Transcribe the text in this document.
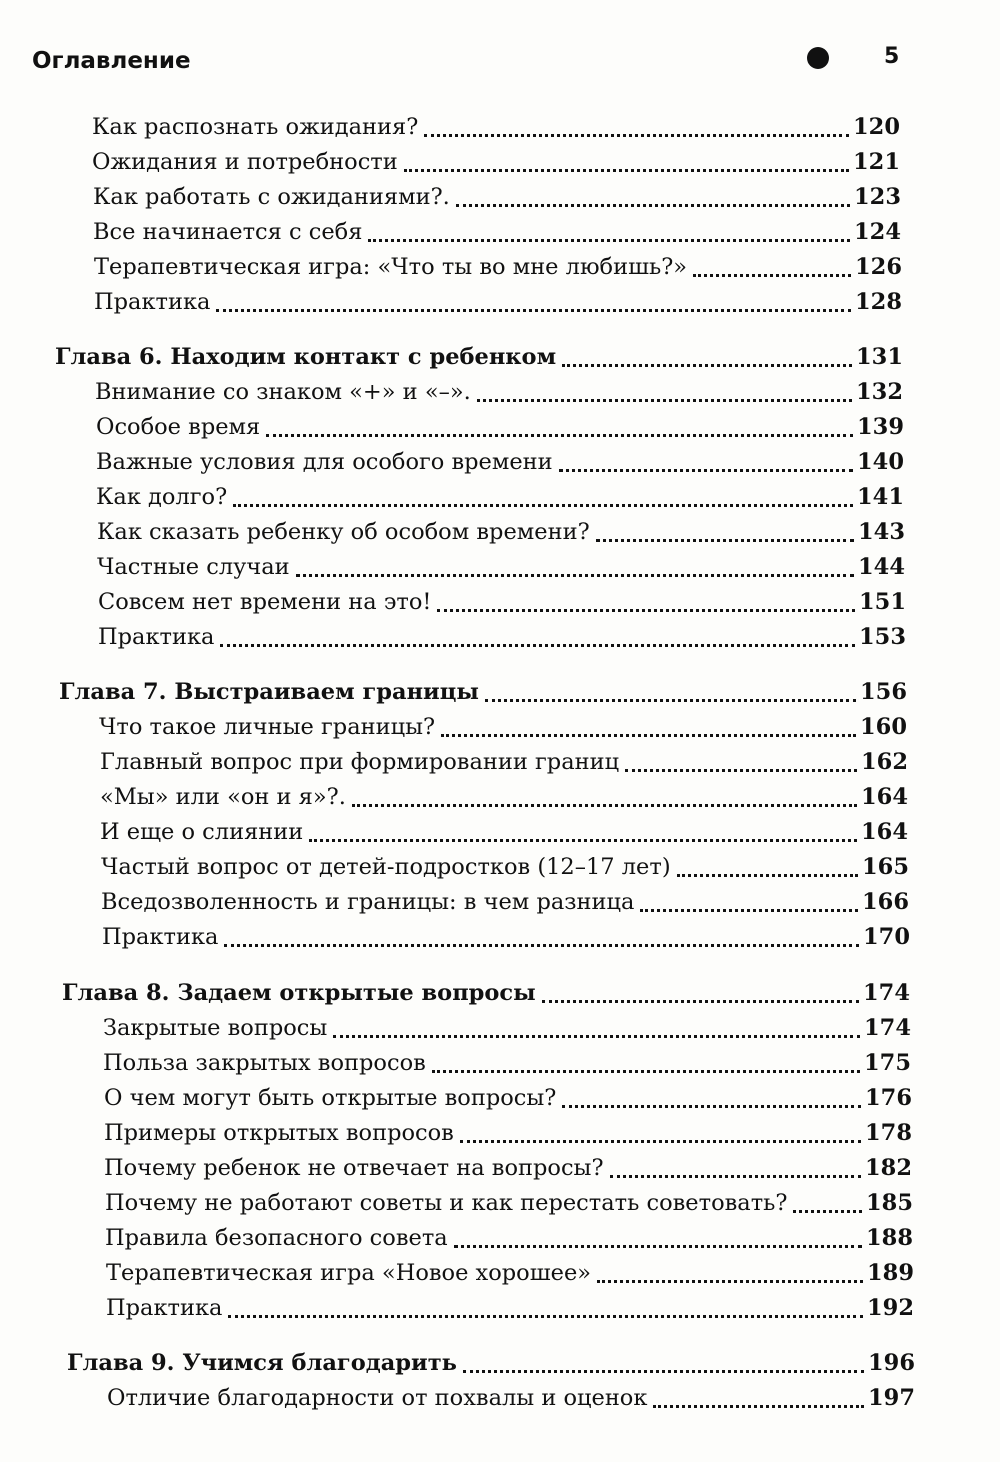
Оглавление	5
Как распознать ожидания?	120
Ожидания и потребности	121
Как работать с ожиданиями?.	123
Все начинается с себя	124
Терапевтическая игра: «Что ты во мне любишь?»	126
Практика	128
Глава 6. Находим контакт с ребенком	131
Внимание со знаком «+» и «–».	132
Особое время	139
Важные условия для особого времени	140
Как долго?	141
Как сказать ребенку об особом времени?	143
Частные случаи	144
Совсем нет времени на это!	151
Практика	153
Глава 7. Выстраиваем границы	156
Что такое личные границы?	160
Главный вопрос при формировании границ	162
«Мы» или «он и я»?.	164
И еще о слиянии	164
Частый вопрос от детей-подростков (12–17 лет)	165
Вседозволенность и границы: в чем разница	166
Практика	170
Глава 8. Задаем открытые вопросы	174
Закрытые вопросы	174
Польза закрытых вопросов	175
О чем могут быть открытые вопросы?	176
Примеры открытых вопросов	178
Почему ребенок не отвечает на вопросы?	182
Почему не работают советы и как перестать советовать?	185
Правила безопасного совета	188
Терапевтическая игра «Новое хорошее»	189
Практика	192
Глава 9. Учимся благодарить	196
Отличие благодарности от похвалы и оценок	197
